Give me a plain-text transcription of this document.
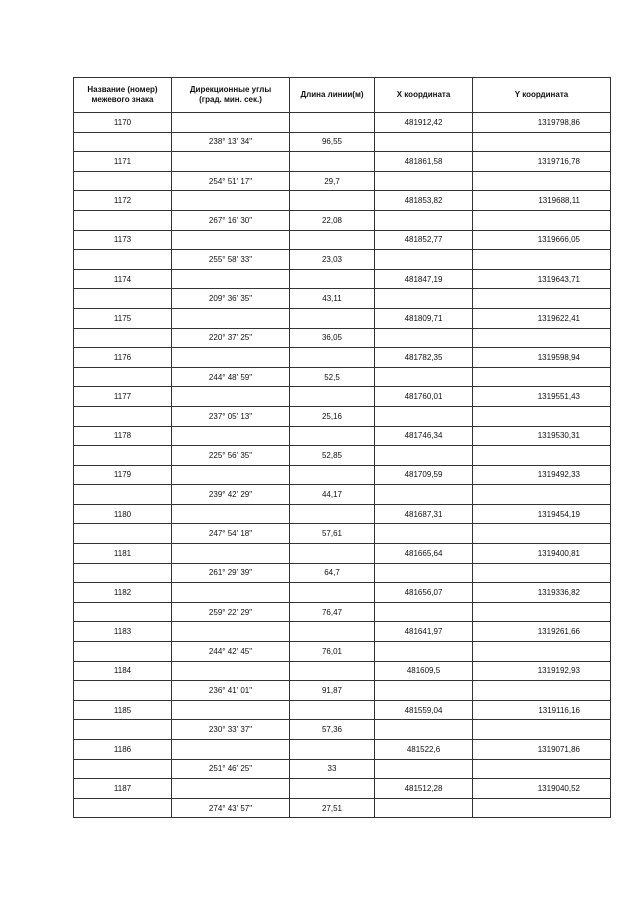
Название (номер)
межевого знака	Дирекционные углы
(град. мин. сек.)	Длина линии(м)	X координата	Y координата
1170			481912,42	1319798,86
	238° 13' 34"	96,55		
1171			481861,58	1319716,78
	254° 51' 17"	29,7		
1172			481853,82	1319688,11
	267° 16' 30"	22,08		
1173			481852,77	1319666,05
	255° 58' 33"	23,03		
1174			481847,19	1319643,71
	209° 36' 35"	43,11		
1175			481809,71	1319622,41
	220° 37' 25"	36,05		
1176			481782,35	1319598,94
	244° 48' 59"	52,5		
1177			481760,01	1319551,43
	237° 05' 13"	25,16		
1178			481746,34	1319530,31
	225° 56' 35"	52,85		
1179			481709,59	1319492,33
	239° 42' 29"	44,17		
1180			481687,31	1319454,19
	247° 54' 18"	57,61		
1181			481665,64	1319400,81
	261° 29' 39"	64,7		
1182			481656,07	1319336,82
	259° 22' 29"	76,47		
1183			481641,97	1319261,66
	244° 42' 45"	76,01		
1184			481609,5	1319192,93
	236° 41' 01"	91,87		
1185			481559,04	1319116,16
	230° 33' 37"	57,36		
1186			481522,6	1319071,86
	251° 46' 25"	33		
1187			481512,28	1319040,52
	274° 43' 57"	27,51		
